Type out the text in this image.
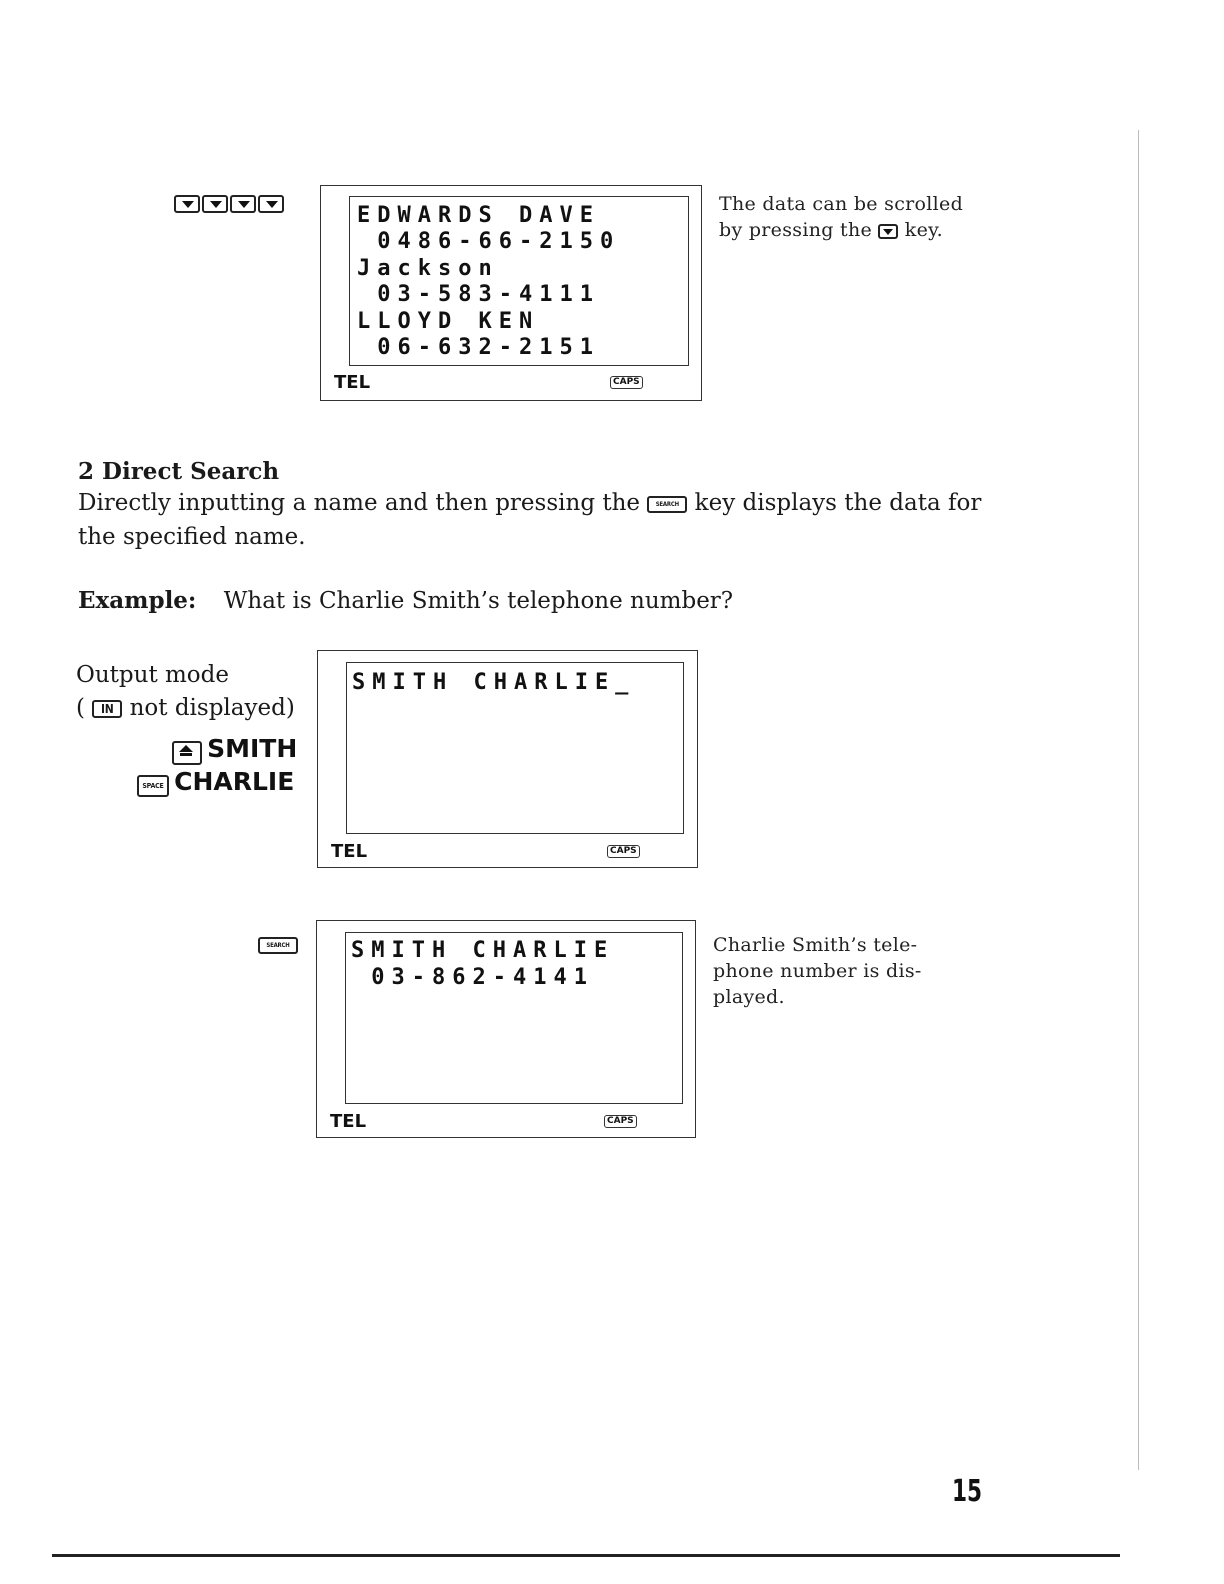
EDWARDS DAVE
0486-66-2150
Jackson
03-583-4111
LLOYD KEN
06-632-2151
TEL	CAPS
The data can be scrolled
by pressing the key.
2 Direct Search
Directly inputting a name and then pressing the	SEARCH key displays the data for
the specified name.
Example: What is Charlie Smith’s telephone number?
Output mode
( IN not displayed)
SMITH
SPACE CHARLIE
SMITH CHARLIE_
TEL	CAPS
SEARCH	SMITH CHARLIE
03-862-4141
TEL	CAPS
Charlie Smith’s tele-
phone number is dis-
played.
15
